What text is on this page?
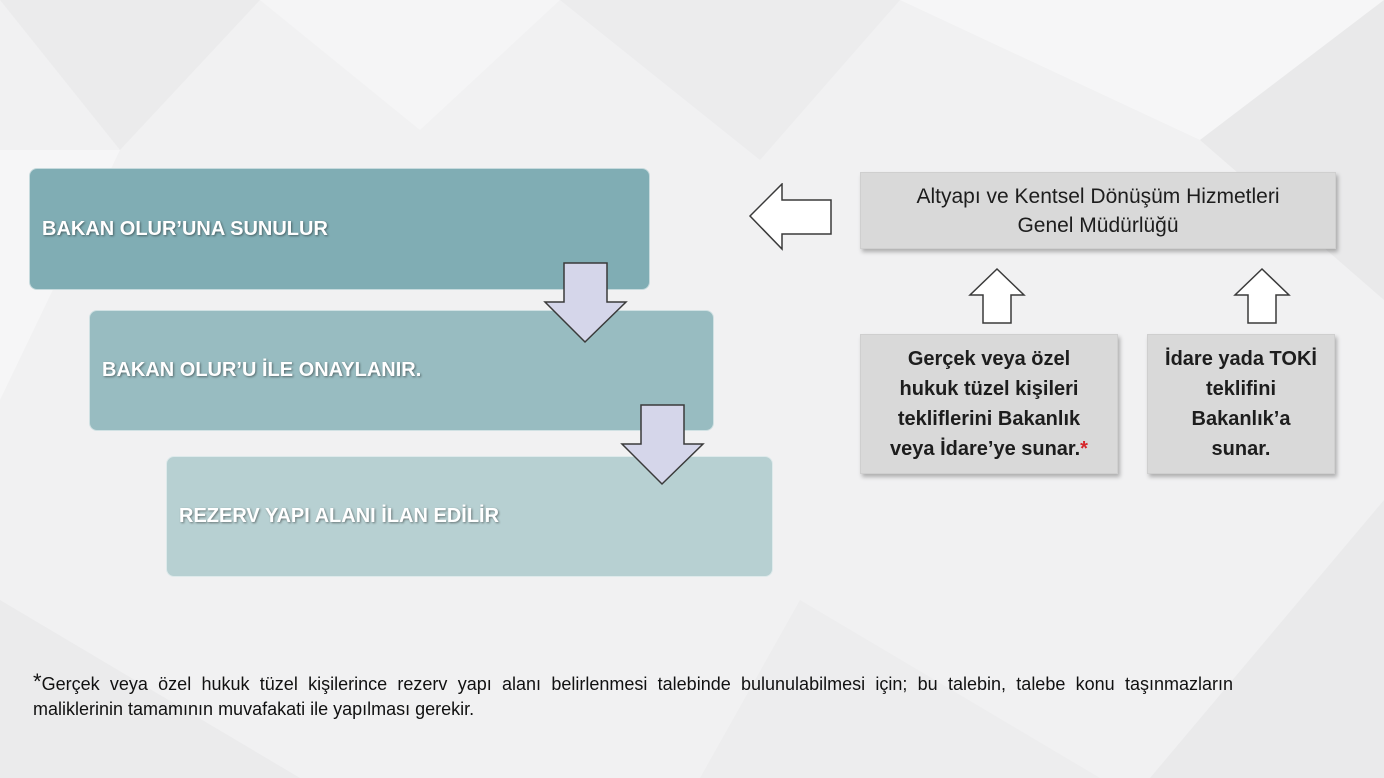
BAKAN OLUR’UNA SUNULUR
BAKAN OLUR’U İLE ONAYLANIR.
REZERV YAPI ALANI İLAN EDİLİR
Altyapı ve Kentsel Dönüşüm Hizmetleri
Genel Müdürlüğü
Gerçek veya özel
hukuk tüzel kişileri
tekliflerini Bakanlık
veya İdare’ye sunar.*
İdare yada TOKİ
teklifini
Bakanlık’a
sunar.
*Gerçek veya özel hukuk tüzel kişilerince rezerv yapı alanı belirlenmesi talebinde bulunulabilmesi için; bu talebin, talebe konu taşınmazların maliklerinin tamamının muvafakati ile yapılması gerekir.
